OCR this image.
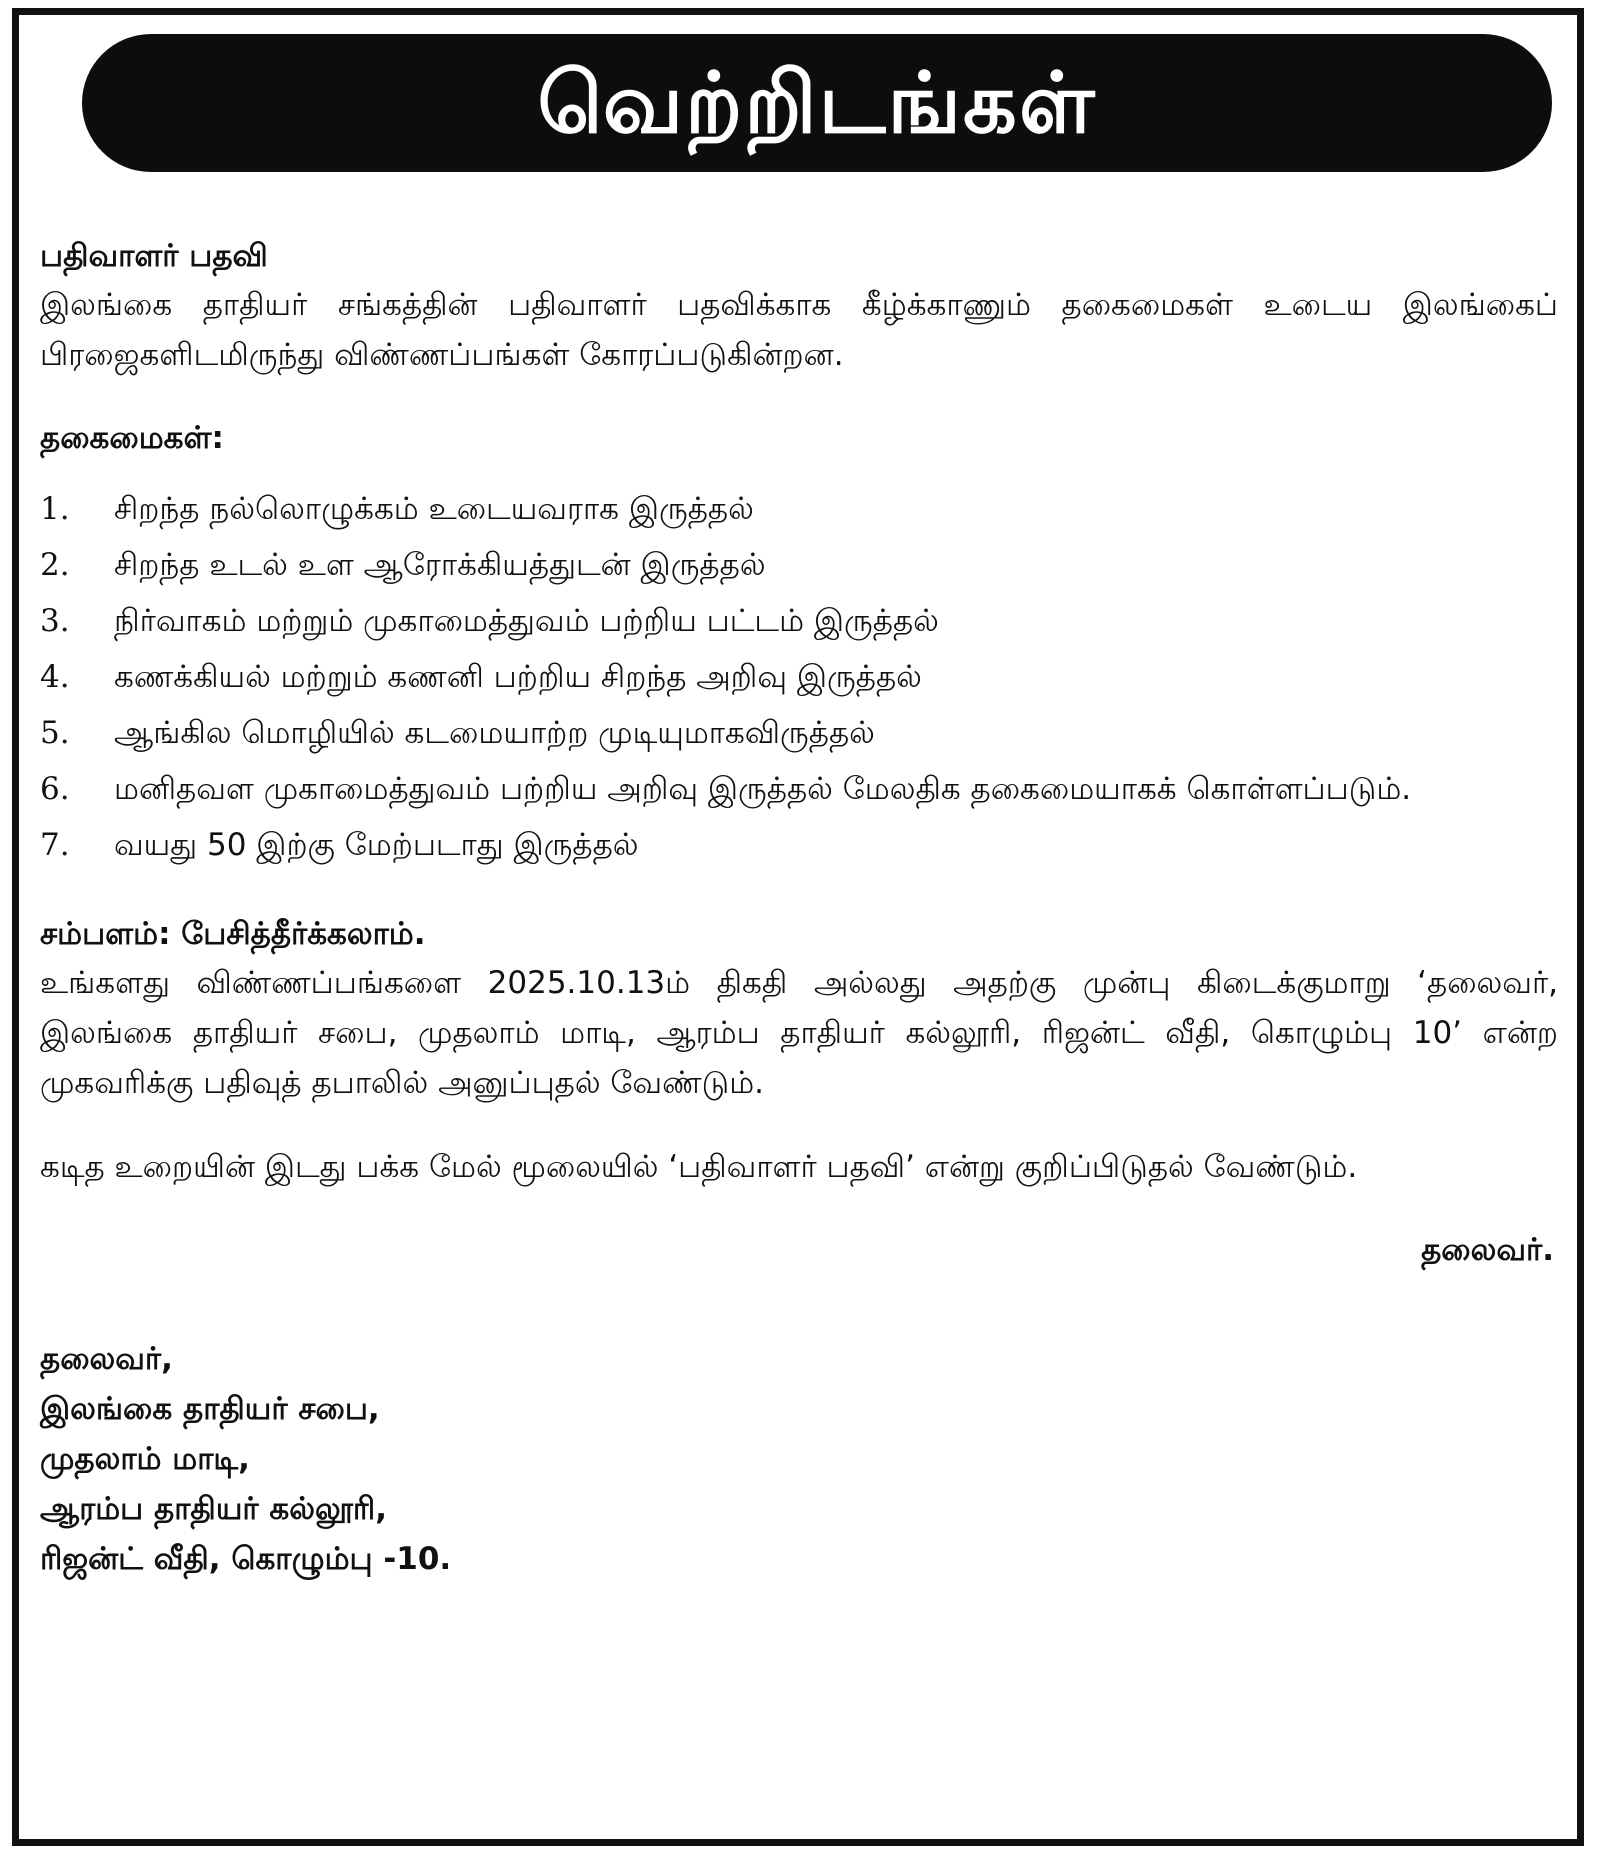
வெற்றிடங்கள்
பதிவாளர் பதவி
இலங்கை தாதியர் சங்கத்தின் பதிவாளர் பதவிக்காக கீழ்க்காணும் தகைமைகள் உடைய இலங்கைப் பிரஜைகளிடமிருந்து விண்ணப்பங்கள் கோரப்படுகின்றன.
தகைமைகள்:
1.	சிறந்த நல்லொழுக்கம் உடையவராக இருத்தல்
2.	சிறந்த உடல் உள ஆரோக்கியத்துடன் இருத்தல்
3.	நிர்வாகம் மற்றும் முகாமைத்துவம் பற்றிய பட்டம் இருத்தல்
4.	கணக்கியல் மற்றும் கணனி பற்றிய சிறந்த அறிவு இருத்தல்
5.	ஆங்கில மொழியில் கடமையாற்ற முடியுமாகவிருத்தல்
6.	மனிதவள முகாமைத்துவம் பற்றிய அறிவு இருத்தல் மேலதிக தகைமையாகக் கொள்ளப்படும்.
7.	வயது 50 இற்கு மேற்படாது இருத்தல்
சம்பளம்: பேசித்தீர்க்கலாம்.
உங்களது விண்ணப்பங்களை 2025.10.13ம் திகதி அல்லது அதற்கு முன்பு கிடைக்குமாறு ‘தலைவர், இலங்கை தாதியர் சபை, முதலாம் மாடி, ஆரம்ப தாதியர் கல்லூரி, ரிஜன்ட் வீதி, கொழும்பு 10’ என்ற முகவரிக்கு பதிவுத் தபாலில் அனுப்புதல் வேண்டும்.
கடித உறையின் இடது பக்க மேல் மூலையில் ‘பதிவாளர் பதவி’ என்று குறிப்பிடுதல் வேண்டும்.
தலைவர்.
தலைவர்,
இலங்கை தாதியர் சபை,
முதலாம் மாடி,
ஆரம்ப தாதியர் கல்லூரி,
ரிஜன்ட் வீதி, கொழும்பு -10.
